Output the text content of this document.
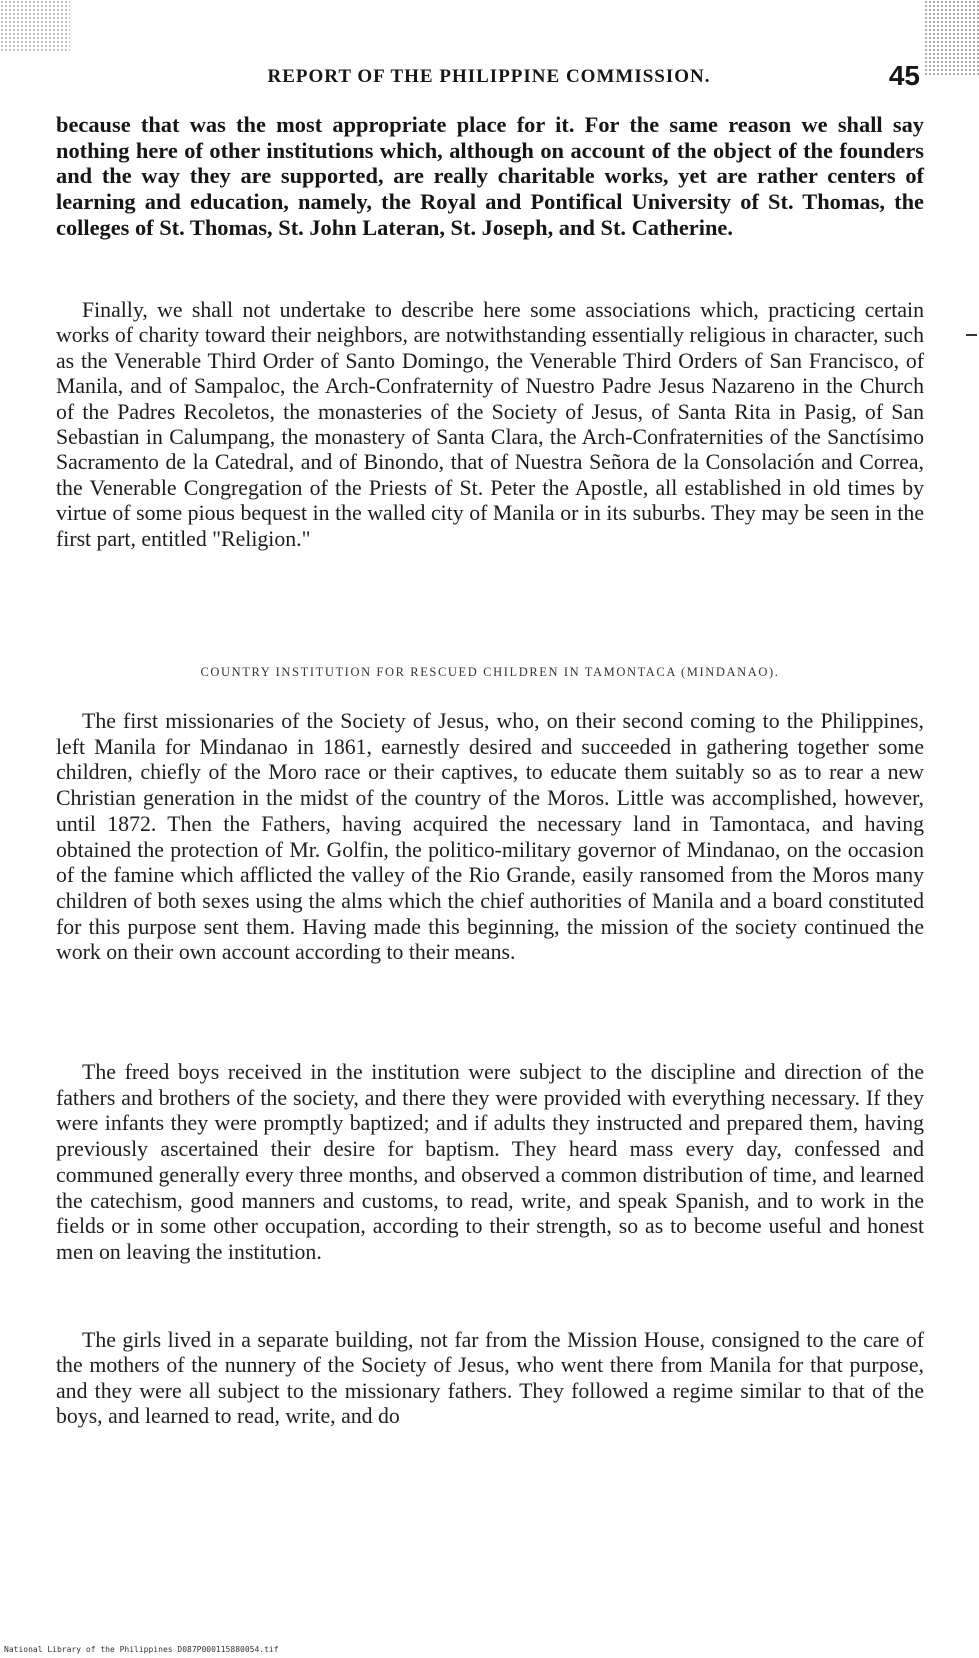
REPORT OF THE PHILIPPINE COMMISSION.	45

because that was the most appropriate place for it. For the same reason we shall say nothing here of other institutions which, although on account of the object of the founders and the way they are supported, are really charitable works, yet are rather centers of learning and education, namely, the Royal and Pontifical University of St. Thomas, the colleges of St. Thomas, St. John Lateran, St. Joseph, and St. Catherine.

Finally, we shall not undertake to describe here some associations which, practicing certain works of charity toward their neighbors, are notwithstanding essentially religious in character, such as the Venerable Third Order of Santo Domingo, the Venerable Third Orders of San Francisco, of Manila, and of Sampaloc, the Arch-Confraternity of Nuestro Padre Jesus Nazareno in the Church of the Padres Recoletos, the monasteries of the Society of Jesus, of Santa Rita in Pasig, of San Sebastian in Calumpang, the monastery of Santa Clara, the Arch-Confraternities of the Sanctísimo Sacramento de la Catedral, and of Binondo, that of Nuestra Señora de la Consolación and Correa, the Venerable Congregation of the Priests of St. Peter the Apostle, all established in old times by virtue of some pious bequest in the walled city of Manila or in its suburbs. They may be seen in the first part, entitled "Religion."

COUNTRY INSTITUTION FOR RESCUED CHILDREN IN TAMONTACA (MINDANAO).

The first missionaries of the Society of Jesus, who, on their second coming to the Philippines, left Manila for Mindanao in 1861, earnestly desired and succeeded in gathering together some children, chiefly of the Moro race or their captives, to educate them suitably so as to rear a new Christian generation in the midst of the country of the Moros. Little was accomplished, however, until 1872. Then the Fathers, having acquired the necessary land in Tamontaca, and having obtained the protection of Mr. Golfin, the politico-military governor of Mindanao, on the occasion of the famine which afflicted the valley of the Rio Grande, easily ransomed from the Moros many children of both sexes using the alms which the chief authorities of Manila and a board constituted for this purpose sent them. Having made this beginning, the mission of the society continued the work on their own account according to their means.

The freed boys received in the institution were subject to the discipline and direction of the fathers and brothers of the society, and there they were provided with everything necessary. If they were infants they were promptly baptized; and if adults they instructed and prepared them, having previously ascertained their desire for baptism. They heard mass every day, confessed and communed generally every three months, and observed a common distribution of time, and learned the catechism, good manners and customs, to read, write, and speak Spanish, and to work in the fields or in some other occupation, according to their strength, so as to become useful and honest men on leaving the institution.

The girls lived in a separate building, not far from the Mission House, consigned to the care of the mothers of the nunnery of the Society of Jesus, who went there from Manila for that purpose, and they were all subject to the missionary fathers. They followed a regime similar to that of the boys, and learned to read, write, and do

National Library of the Philippines D087P000115880054.tif
